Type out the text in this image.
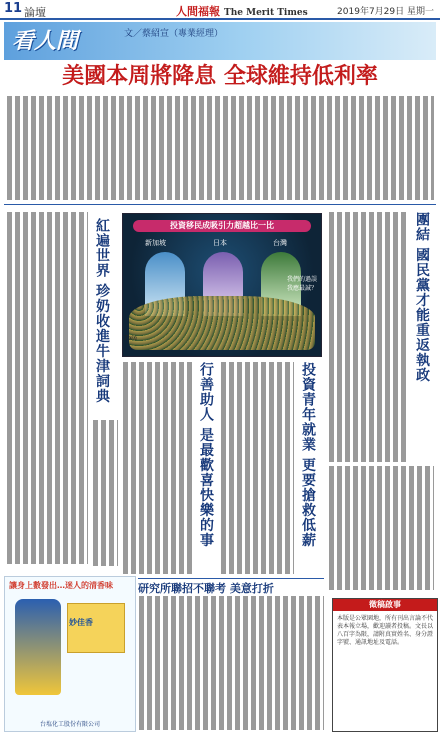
11 論壇	人間福報 The Merit Times	2019年7月29日 星期一
看人間	文／蔡紹宣（專業經理）
美國本周將降息 全球維持低利率
團結 國民黨才能重返執政
紅遍世界 珍奶收進牛津詞典	投資移民成吸引力超越比一比
新加坡	日本	台灣
我們的過誤 我應最誠？
Toin
投資青年就業 更要搶救低薪
行善助人 是最歡喜快樂的事
研究所聯招不聯考 美意打折
讓身上數發出…迷人的清香味
妙佳香
台塩化工股份有限公司
徵稿啟事
本版是公眾園地，所有刊出言論不代表本報立場，歡迎讀者投稿。文長以八百字為限，請附真實姓名、身分證字號、通訊地址及電話。
